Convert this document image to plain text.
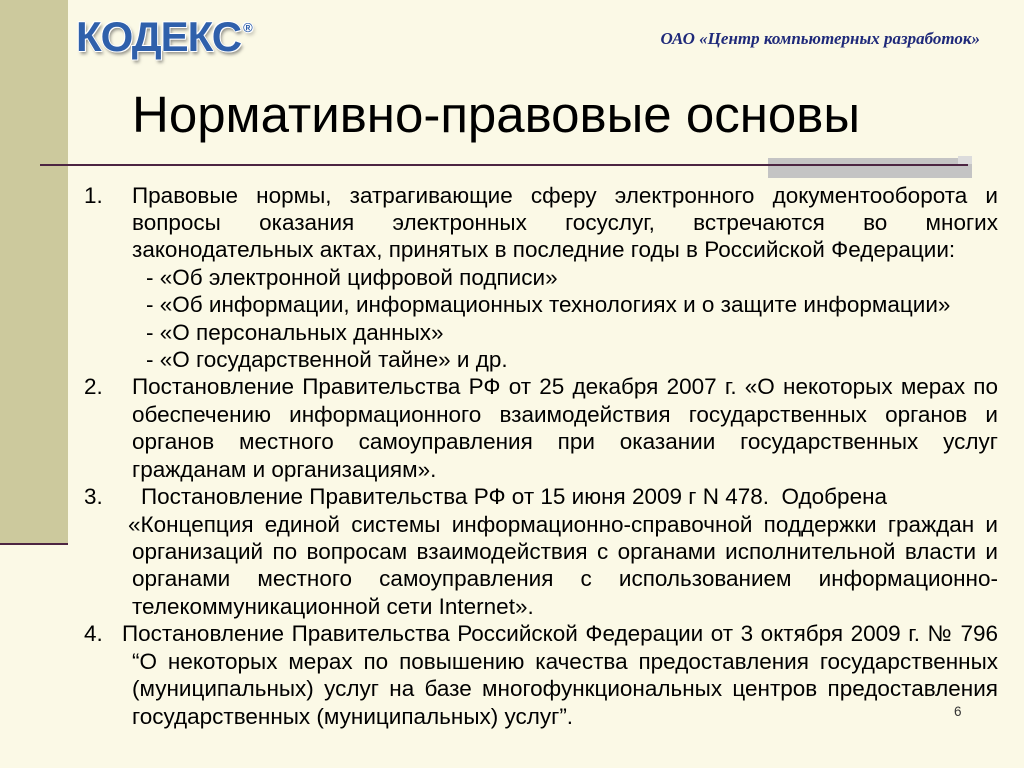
КОДЕКС ®
ОАО «Центр компьютерных разработок»
Нормативно-правовые основы
1. Правовые нормы, затрагивающие сферу электронного документооборота и
вопросы оказания электронных госуслуг, встречаются во многих
законодательных актах, принятых в последние годы в Российской Федерации:
- «Об электронной цифровой подписи»
- «Об информации, информационных технологиях и о защите информации»
- «О персональных данных»
- «О государственной тайне» и др.
2. Постановление Правительства РФ от 25 декабря 2007 г. «О некоторых мерах по
обеспечению информационного взаимодействия государственных органов и
органов местного самоуправления при оказании государственных услуг
гражданам и организациям».
3. Постановление Правительства РФ от 15 июня 2009 г N 478.  Одобрена
«Концепция единой системы информационно-справочной поддержки граждан и
организаций по вопросам взаимодействия с органами исполнительной власти и
органами местного самоуправления с использованием информационно-
телекоммуникационной сети Internet».
4. Постановление Правительства Российской Федерации от 3 октября 2009 г. № 796
“О некоторых мерах по повышению качества предоставления государственных
(муниципальных) услуг на базе многофункциональных центров предоставления
государственных (муниципальных) услуг”.	6
